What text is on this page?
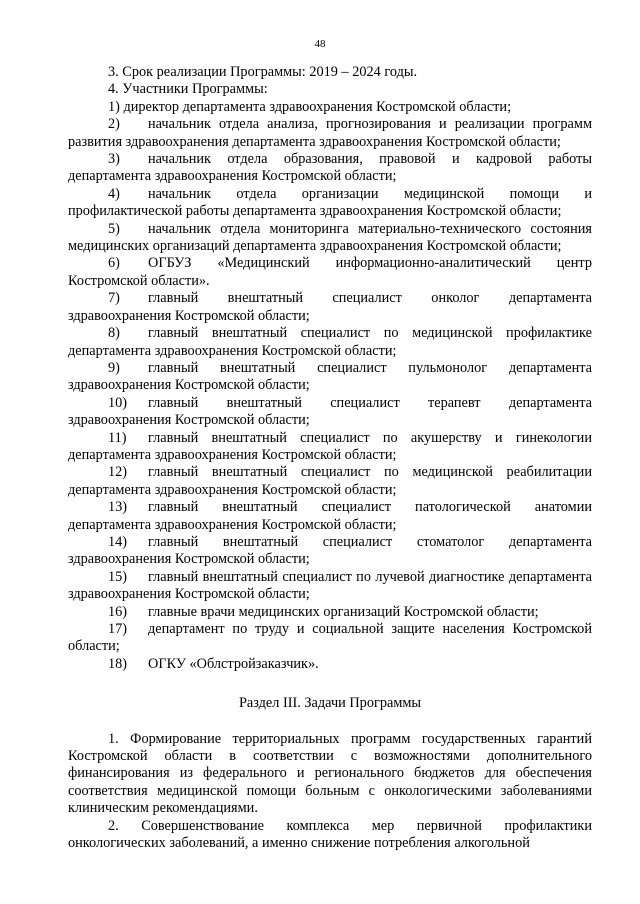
48

3. Срок реализации Программы: 2019 – 2024 годы.

4. Участники Программы:

1) директор департамента здравоохранения Костромской области;

2) начальник отдела анализа, прогнозирования и реализации программ развития здравоохранения департамента здравоохранения Костромской области;

3) начальник отдела образования, правовой и кадровой работы департамента здравоохранения Костромской области;

4) начальник отдела организации медицинской помощи и профилактической работы департамента здравоохранения Костромской области;

5) начальник отдела мониторинга материально-технического состояния медицинских организаций департамента здравоохранения Костромской области;

6) ОГБУЗ «Медицинский информационно-аналитический центр Костромской области».

7) главный внештатный специалист онколог департамента здравоохранения Костромской области;

8) главный внештатный специалист по медицинской профилактике департамента здравоохранения Костромской области;

9) главный внештатный специалист пульмонолог департамента здравоохранения Костромской области;

10) главный внештатный специалист терапевт департамента здравоохранения Костромской области;

11) главный внештатный специалист по акушерству и гинекологии департамента здравоохранения Костромской области;

12) главный внештатный специалист по медицинской реабилитации департамента здравоохранения Костромской области;

13) главный внештатный специалист патологической анатомии департамента здравоохранения Костромской области;

14) главный внештатный специалист стоматолог департамента здравоохранения Костромской области;

15) главный внештатный специалист по лучевой диагностике департамента здравоохранения Костромской области;

16) главные врачи медицинских организаций Костромской области;

17) департамент по труду и социальной защите населения Костромской области;

18) ОГКУ «Облстройзаказчик».

Раздел III. Задачи Программы

1. Формирование территориальных программ государственных гарантий Костромской области в соответствии с возможностями дополнительного финансирования из федерального и регионального бюджетов для обеспечения соответствия медицинской помощи больным с онкологическими заболеваниями клиническим рекомендациями.

2. Совершенствование комплекса мер первичной профилактики онкологических заболеваний, а именно снижение потребления алкогольной
